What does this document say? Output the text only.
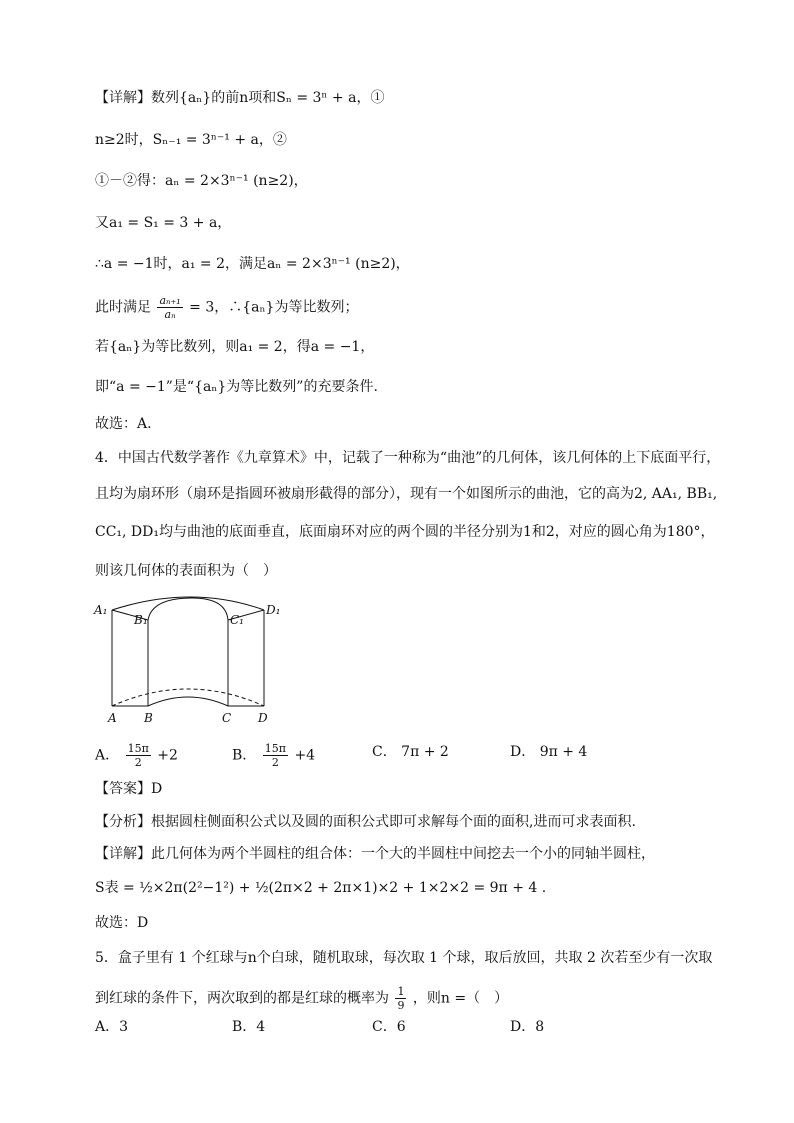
【详解】数列{aₙ}的前n项和Sₙ = 3ⁿ + a，①
n≥2时，Sₙ₋₁ = 3ⁿ⁻¹ + a，②
①－②得：aₙ = 2×3ⁿ⁻¹ (n≥2)，
又a₁ = S₁ = 3 + a，
∴a = −1时，a₁ = 2，满足aₙ = 2×3ⁿ⁻¹ (n≥2)，
此时满足 $\frac{\text{aₙ₊₁}}{\text{aₙ}} = 3$，∴{aₙ}为等比数列；
若{aₙ}为等比数列，则a₁ = 2，得a = −1，
即“a = −1”是“{aₙ}为等比数列”的充要条件.
故选：A.
4．中国古代数学著作《九章算术》中，记载了一种称为“曲池”的几何体，该几何体的上下底面平行，
且均为扇环形（扇环是指圆环被扇形截得的部分），现有一个如图所示的曲池，它的高为2, AA₁, BB₁,
CC₁, DD₁均与曲池的底面垂直，底面扇环对应的两个圆的半径分别为1和2，对应的圆心角为180°，
则该几何体的表面积为（　）
A₁
B₁	C₁
D₁
A B	C D
A． $\frac{15\pi}{2} +2$	B． $\frac{15\pi}{2} +4$	C． 7π + 2	D． 9π + 4
【答案】D
【分析】根据圆柱侧面积公式以及圆的面积公式即可求解每个面的面积,进而可求表面积.
【详解】此几何体为两个半圆柱的组合体：一个大的半圆柱中间挖去一个小的同轴半圆柱，
S表 = ½×2π(2²−1²) + ½(2π×2 + 2π×1)×2 + 1×2×2 = 9π + 4 .
故选：D
5．盒子里有 1 个红球与n个白球，随机取球，每次取 1 个球，取后放回，共取 2 次若至少有一次取
到红球的条件下，两次取到的都是红球的概率为 $\frac{1}{9}$ ，则n =（　）
A．3	B．4	C．6	D．8
